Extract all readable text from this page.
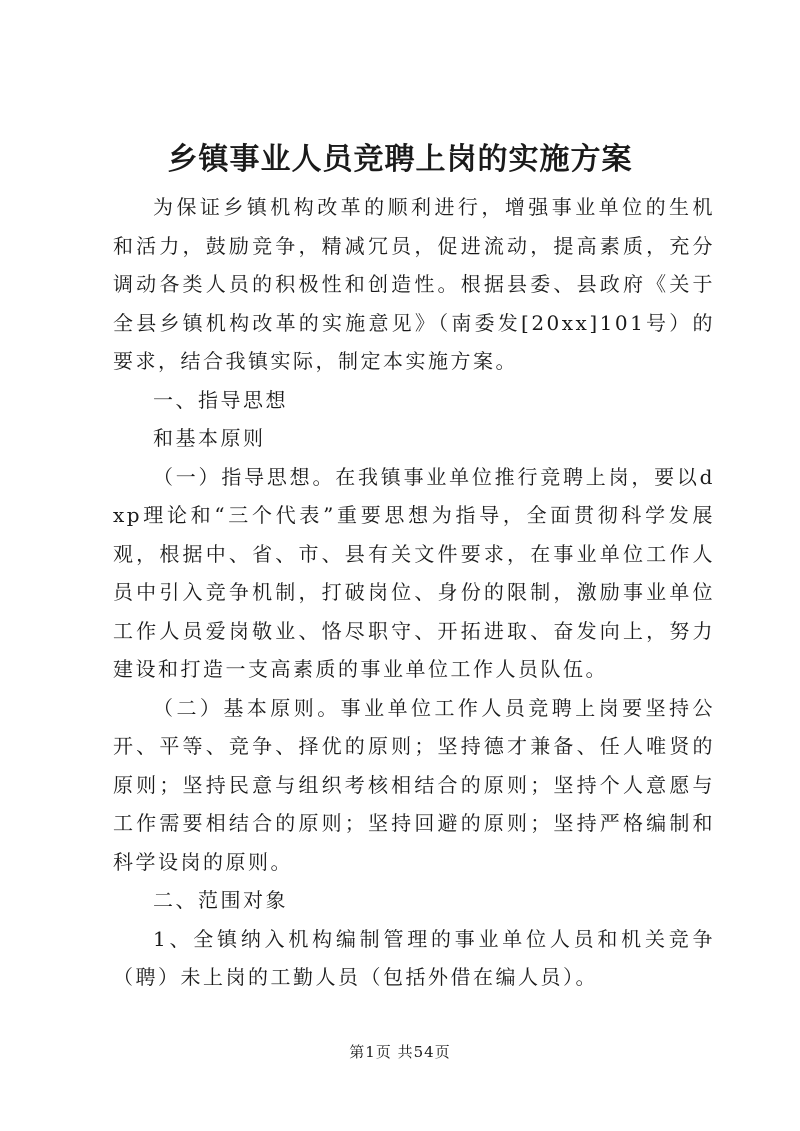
乡镇事业人员竞聘上岗的实施方案

为保证乡镇机构改革的顺利进行，增强事业单位的生机和活力，鼓励竞争，精减冗员，促进流动，提高素质，充分调动各类人员的积极性和创造性。根据县委、县政府《关于全县乡镇机构改革的实施意见》（南委发[20xx]101号）的要求，结合我镇实际，制定本实施方案。

一、指导思想

和基本原则

（一）指导思想。在我镇事业单位推行竞聘上岗，要以dxp理论和“三个代表”重要思想为指导，全面贯彻科学发展观，根据中、省、市、县有关文件要求，在事业单位工作人员中引入竞争机制，打破岗位、身份的限制，激励事业单位工作人员爱岗敬业、恪尽职守、开拓进取、奋发向上，努力建设和打造一支高素质的事业单位工作人员队伍。

（二）基本原则。事业单位工作人员竞聘上岗要坚持公开、平等、竞争、择优的原则；坚持德才兼备、任人唯贤的原则；坚持民意与组织考核相结合的原则；坚持个人意愿与工作需要相结合的原则；坚持回避的原则；坚持严格编制和科学设岗的原则。

二、范围对象

1、全镇纳入机构编制管理的事业单位人员和机关竞争（聘）未上岗的工勤人员（包括外借在编人员）。

第1页 共54页
